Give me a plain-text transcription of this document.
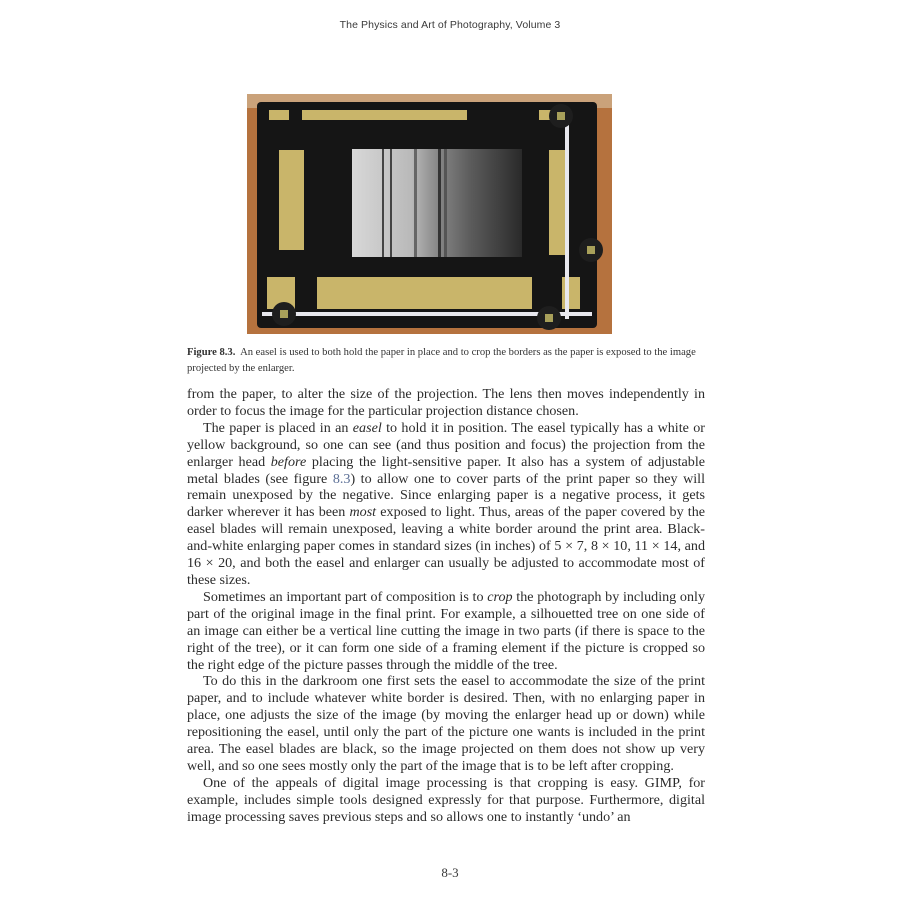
The Physics and Art of Photography, Volume 3
Figure 8.3. An easel is used to both hold the paper in place and to crop the borders as the paper is exposed to the image projected by the enlarger.

from the paper, to alter the size of the projection. The lens then moves independently in order to focus the image for the particular projection distance chosen.

The paper is placed in an easel to hold it in position. The easel typically has a white or yellow background, so one can see (and thus position and focus) the projection from the enlarger head before placing the light-sensitive paper. It also has a system of adjustable metal blades (see figure 8.3) to allow one to cover parts of the print paper so they will remain unexposed by the negative. Since enlarging paper is a negative process, it gets darker wherever it has been most exposed to light. Thus, areas of the paper covered by the easel blades will remain unexposed, leaving a white border around the print area. Black-and-white enlarging paper comes in standard sizes (in inches) of 5 × 7, 8 × 10, 11 × 14, and 16 × 20, and both the easel and enlarger can usually be adjusted to accommodate most of these sizes.

Sometimes an important part of composition is to crop the photograph by including only part of the original image in the final print. For example, a silhouetted tree on one side of an image can either be a vertical line cutting the image in two parts (if there is space to the right of the tree), or it can form one side of a framing element if the picture is cropped so the right edge of the picture passes through the middle of the tree.

To do this in the darkroom one first sets the easel to accommodate the size of the print paper, and to include whatever white border is desired. Then, with no enlarging paper in place, one adjusts the size of the image (by moving the enlarger head up or down) while repositioning the easel, until only the part of the picture one wants is included in the print area. The easel blades are black, so the image projected on them does not show up very well, and so one sees mostly only the part of the image that is to be left after cropping.

One of the appeals of digital image processing is that cropping is easy. GIMP, for example, includes simple tools designed expressly for that purpose. Furthermore, digital image processing saves previous steps and so allows one to instantly ‘undo’ an

8-3
